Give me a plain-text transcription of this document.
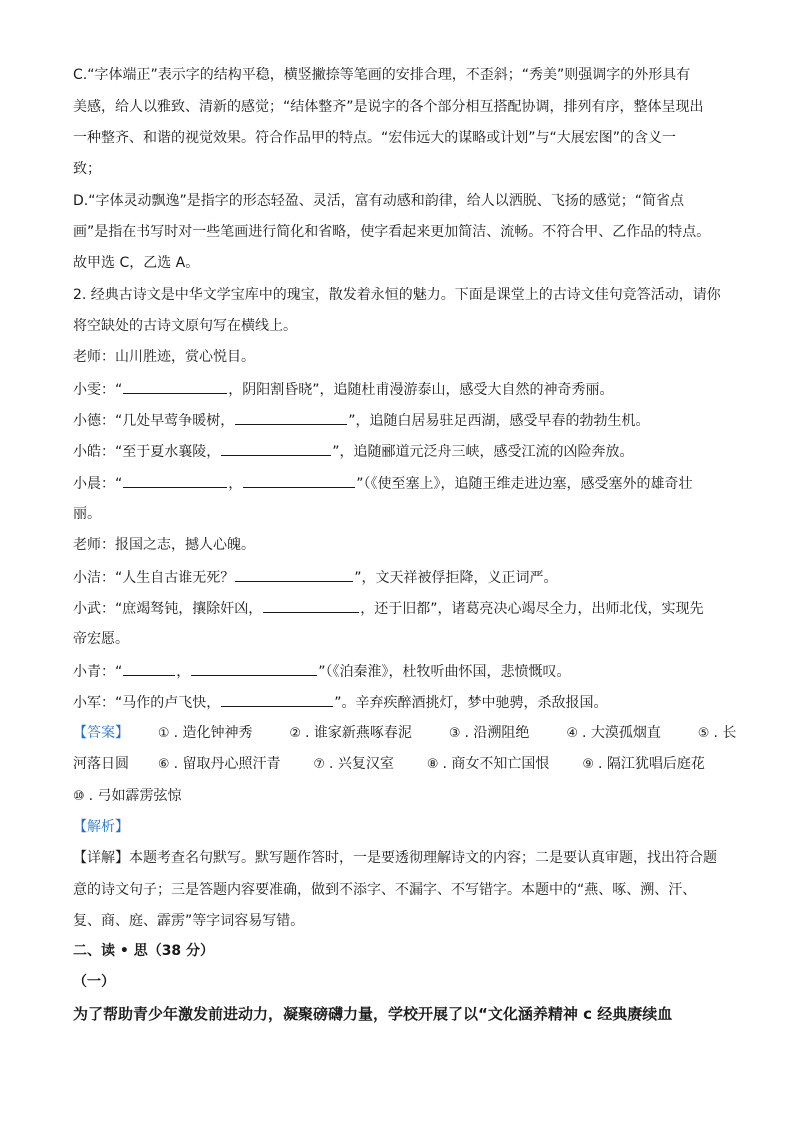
C.“字体端正”表示字的结构平稳，横竖撇捺等笔画的安排合理，不歪斜；“秀美”则强调字的外形具有
美感，给人以雅致、清新的感觉；“结体整齐”是说字的各个部分相互搭配协调，排列有序，整体呈现出
一种整齐、和谐的视觉效果。符合作品甲的特点。“宏伟远大的谋略或计划”与“大展宏图”的含义一
致；
D.“字体灵动飘逸”是指字的形态轻盈、灵活，富有动感和韵律，给人以洒脱、飞扬的感觉；“简省点
画”是指在书写时对一些笔画进行简化和省略，使字看起来更加简洁、流畅。不符合甲、乙作品的特点。
故甲选 C，乙选 A。
2. 经典古诗文是中华文学宝库中的瑰宝，散发着永恒的魅力。下面是课堂上的古诗文佳句竞答活动，请你
将空缺处的古诗文原句写在横线上。
老师：山川胜迹，赏心悦目。
小雯：“	，阴阳割昏晓”，追随杜甫漫游泰山，感受大自然的神奇秀丽。
小德：“几处早莺争暖树，	”，追随白居易驻足西湖，感受早春的勃勃生机。
小皓：“至于夏水襄陵，	”，追随郦道元泛舟三峡，感受江流的凶险奔放。
小晨：“	，	”（《使至塞上》，追随王维走进边塞，感受塞外的雄奇壮
丽。
老师：报国之志，撼人心魄。
小洁：“人生自古谁无死？	”，文天祥被俘拒降，义正词严。
小武：“庶竭驽钝，攘除奸凶，	，还于旧都”，诸葛亮决心竭尽全力，出师北伐，实现先
帝宏愿。
小青：“	，	”（《泊秦淮》，杜牧听曲怀国，悲愤慨叹。
小军：“马作的卢飞快，	”。辛弃疾醉酒挑灯，梦中驰骋，杀敌报国。
【答案】 ① . 造化钟神秀	② . 谁家新燕啄春泥	③ . 沿溯阻绝	④ . 大漠孤烟直	⑤ . 长
河落日圆 ⑥ . 留取丹心照汗青	⑦ . 兴复汉室	⑧ . 商女不知亡国恨	⑨ . 隔江犹唱后庭花
⑩ . 弓如霹雳弦惊
【解析】
【详解】本题考查名句默写。默写题作答时，一是要透彻理解诗文的内容；二是要认真审题，找出符合题
意的诗文句子；三是答题内容要准确，做到不添字、不漏字、不写错字。本题中的“燕、啄、溯、汗、
复、商、庭、霹雳”等字词容易写错。
二、读 • 思（38 分）
（一）
为了帮助青少年激发前进动力，凝聚磅礴力量，学校开展了以“文化涵养精神 c 经典赓续血
